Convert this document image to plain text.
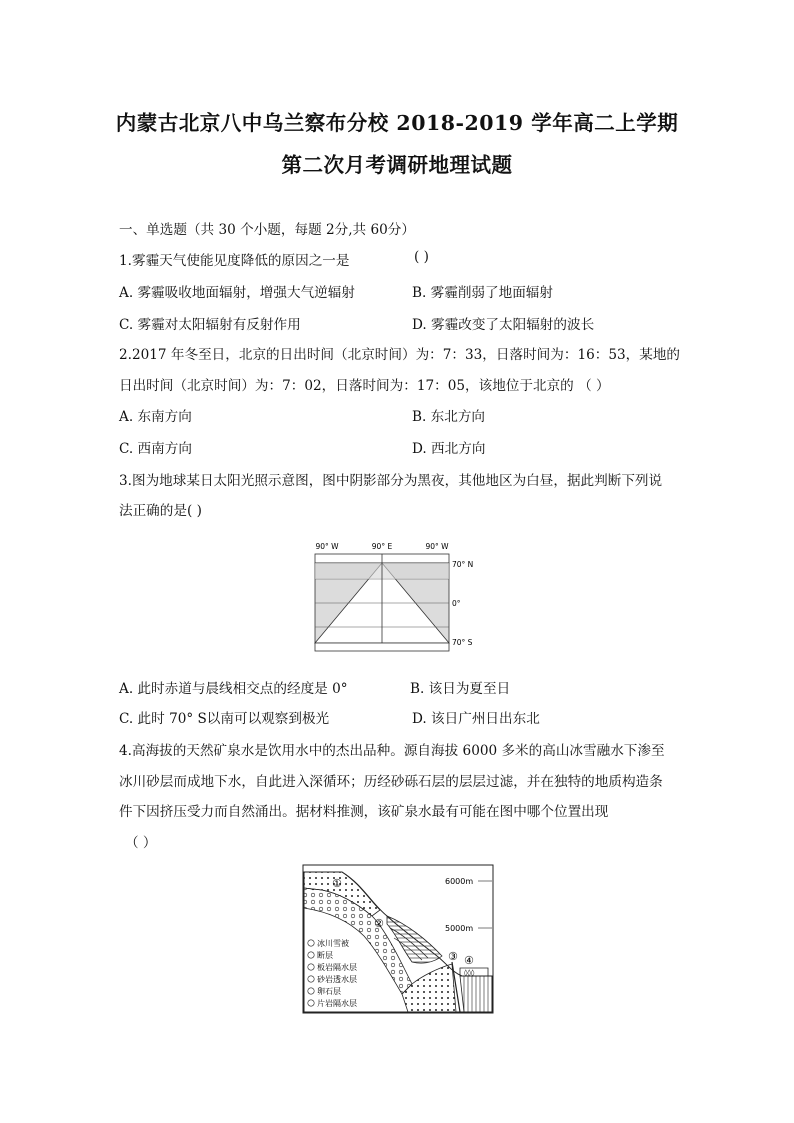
内蒙古北京八中乌兰察布分校 2018-2019 学年高二上学期
第二次月考调研地理试题
一、单选题（共 30 个小题，每题 2分,共 60分）
1.雾霾天气使能见度降低的原因之一是	( )
A. 雾霾吸收地面辐射，增强大气逆辐射	B. 雾霾削弱了地面辐射
C. 雾霾对太阳辐射有反射作用	D. 雾霾改变了太阳辐射的波长
2.2017 年冬至日，北京的日出时间（北京时间）为：7：33，日落时间为：16：53，某地的
日出时间（北京时间）为：7：02，日落时间为：17：05，该地位于北京的 （ ）
A. 东南方向	B. 东北方向
C. 西南方向	D. 西北方向
3.图为地球某日太阳光照示意图，图中阴影部分为黑夜，其他地区为白昼，据此判断下列说
法正确的是( )
90° W	90° E	90° W
70° N
0°
70° S
A. 此时赤道与晨线相交点的经度是 0°	B. 该日为夏至日
C. 此时 70° S以南可以观察到极光	D. 该日广州日出东北
4.高海拔的天然矿泉水是饮用水中的杰出品种。源自海拔 6000 多米的高山冰雪融水下渗至
冰川砂层而成地下水，自此进入深循环；历经砂砾石层的层层过滤，并在独特的地质构造条
件下因挤压受力而自然涌出。据材料推测，该矿泉水最有可能在图中哪个位置出现
（ ）
◊◊◊
6000m
5000m
①
②
③ ④
冰川雪被
断层
板岩隔水层
砂岩透水层
卵石层
片岩隔水层
